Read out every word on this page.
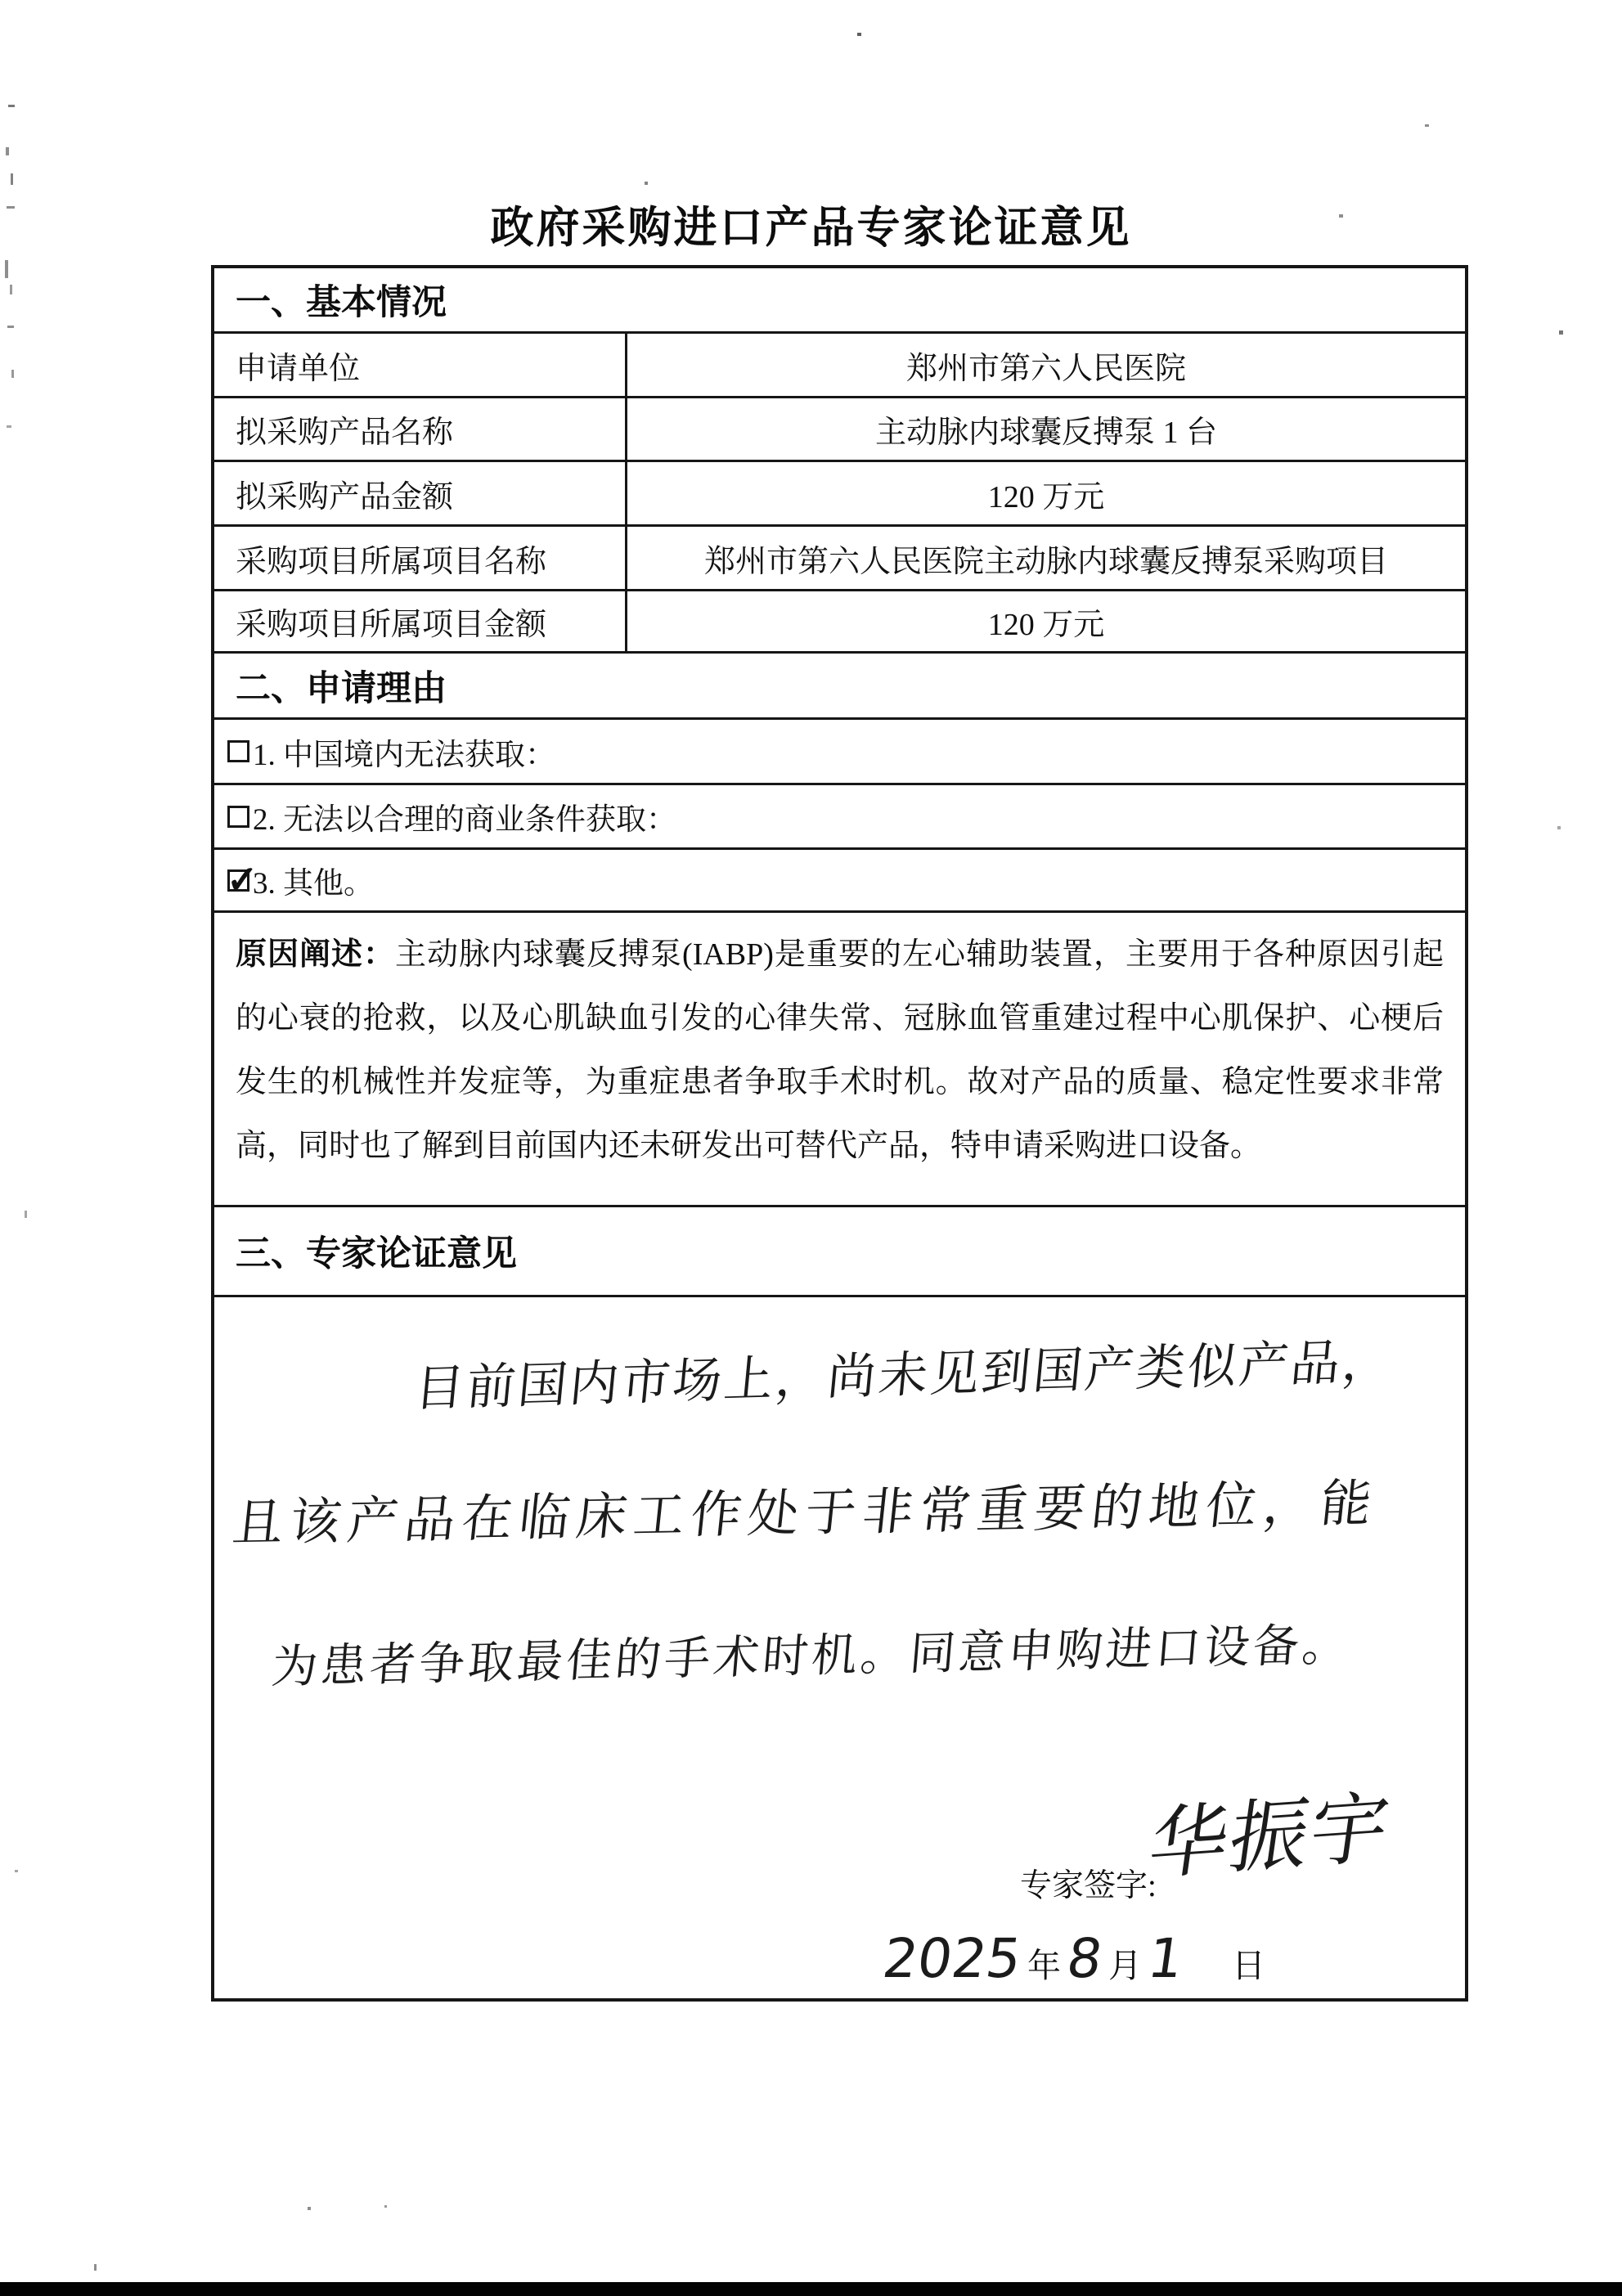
政府采购进口产品专家论证意见
一、基本情况
申请单位	郑州市第六人民医院
拟采购产品名称	主动脉内球囊反搏泵 1 台
拟采购产品金额	120 万元
采购项目所属项目名称	郑州市第六人民医院主动脉内球囊反搏泵采购项目
采购项目所属项目金额	120 万元
二、申请理由
1. 中国境内无法获取：
2. 无法以合理的商业条件获取：
✓
3. 其他。

原因阐述：主动脉内球囊反搏泵(IABP)是重要的左心辅助装置，主要用于各种原因引起的心衰的抢救，以及心肌缺血引发的心律失常、冠脉血管重建过程中心肌保护、心梗后发生的机械性并发症等，为重症患者争取手术时机。故对产品的质量、稳定性要求非常高，同时也了解到目前国内还未研发出可替代产品，特申请采购进口设备。

三、专家论证意见
目前国内市场上，尚未见到国产类似产品，
且该产品在临床工作处于非常重要的地位，能
为患者争取最佳的手术时机。同意申购进口设备。
专家签字:
华振宇
2025 年 8 月 1 日
